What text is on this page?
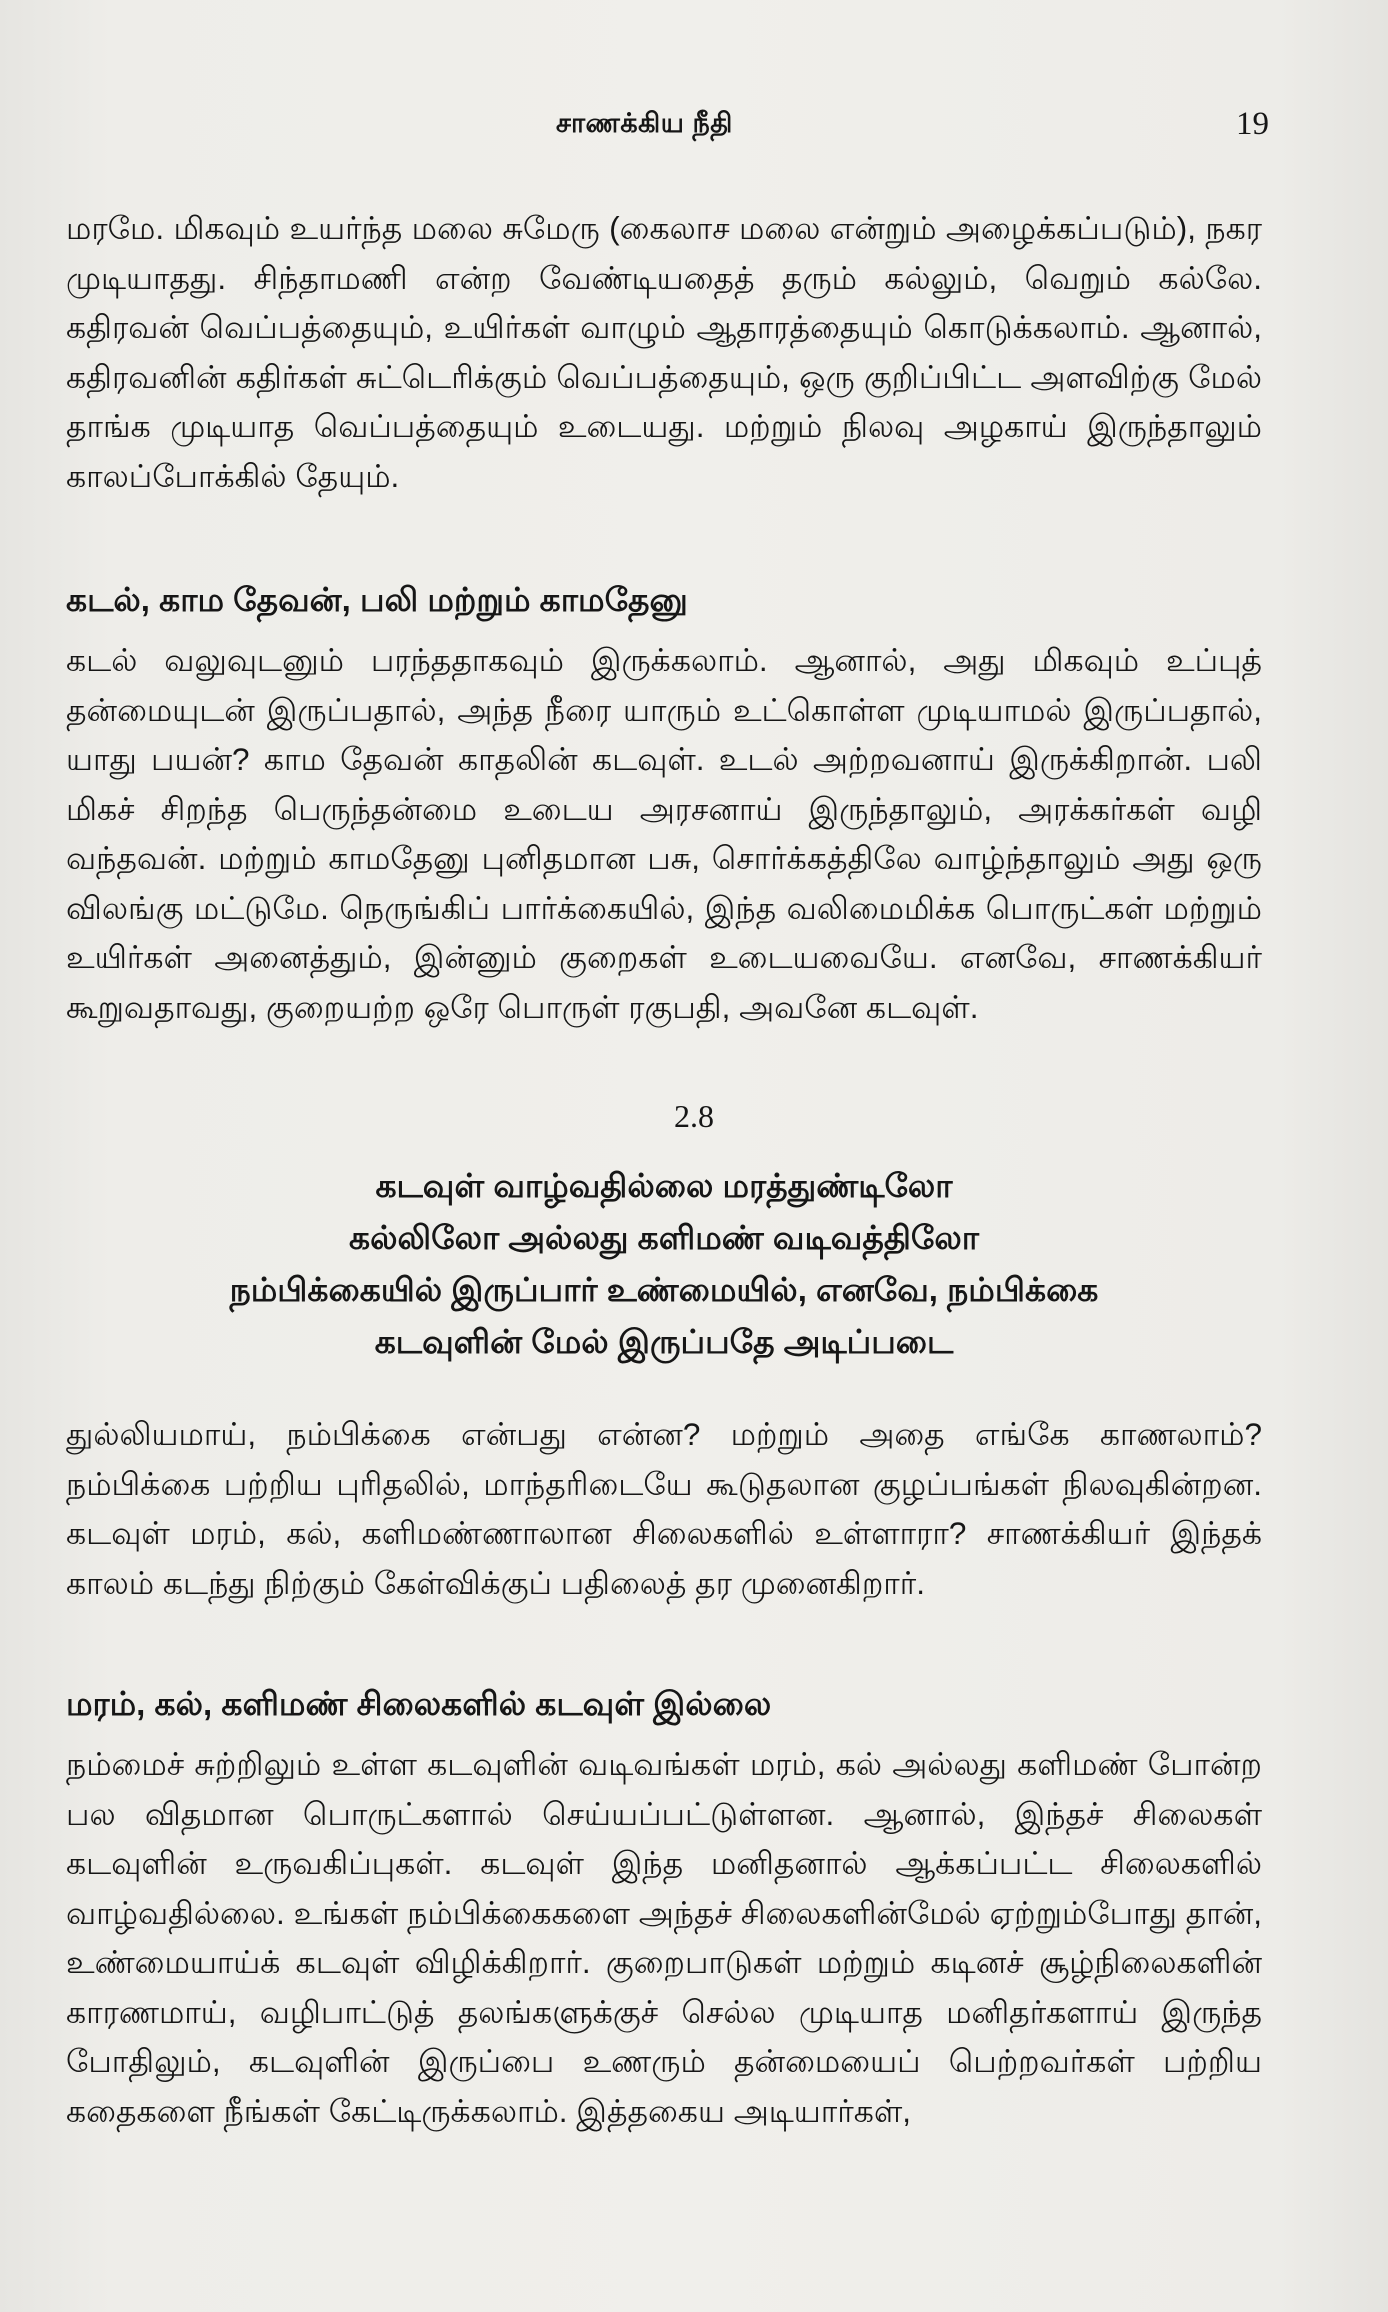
சாணக்கிய நீதி	19

மரமே. மிகவும் உயர்ந்த மலை சுமேரு (கைலாச மலை என்றும் அழைக்கப்படும்), நகர முடியாதது. சிந்தாமணி என்ற வேண்டியதைத் தரும் கல்லும், வெறும் கல்லே. கதிரவன் வெப்பத்தையும், உயிர்கள் வாழும் ஆதாரத்தையும் கொடுக்கலாம். ஆனால், கதிரவனின் கதிர்கள் சுட்டெரிக்கும் வெப்பத்தையும், ஒரு குறிப்பிட்ட அளவிற்கு மேல் தாங்க முடியாத வெப்பத்தையும் உடையது. மற்றும் நிலவு அழகாய் இருந்தாலும் காலப்போக்கில் தேயும்.

கடல், காம தேவன், பலி மற்றும் காமதேனு

கடல் வலுவுடனும் பரந்ததாகவும் இருக்கலாம். ஆனால், அது மிகவும் உப்புத் தன்மையுடன் இருப்பதால், அந்த நீரை யாரும் உட்கொள்ள முடியாமல் இருப்பதால், யாது பயன்? காம தேவன் காதலின் கடவுள். உடல் அற்றவனாய் இருக்கிறான். பலி மிகச் சிறந்த பெருந்தன்மை உடைய அரசனாய் இருந்தாலும், அரக்கர்கள் வழி வந்தவன். மற்றும் காமதேனு புனிதமான பசு, சொர்க்கத்திலே வாழ்ந்தாலும் அது ஒரு விலங்கு மட்டுமே. நெருங்கிப் பார்க்கையில், இந்த வலிமைமிக்க பொருட்கள் மற்றும் உயிர்கள் அனைத்தும், இன்னும் குறைகள் உடையவையே. எனவே, சாணக்கியர் கூறுவதாவது, குறையற்ற ஒரே பொருள் ரகுபதி, அவனே கடவுள்.

2.8
கடவுள் வாழ்வதில்லை மரத்துண்டிலோ
கல்லிலோ அல்லது களிமண் வடிவத்திலோ
நம்பிக்கையில் இருப்பார் உண்மையில், எனவே, நம்பிக்கை
கடவுளின் மேல் இருப்பதே அடிப்படை

துல்லியமாய், நம்பிக்கை என்பது என்ன? மற்றும் அதை எங்கே காணலாம்? நம்பிக்கை பற்றிய புரிதலில், மாந்தரிடையே கூடுதலான குழப்பங்கள் நிலவுகின்றன. கடவுள் மரம், கல், களிமண்ணாலான சிலைகளில் உள்ளாரா? சாணக்கியர் இந்தக் காலம் கடந்து நிற்கும் கேள்விக்குப் பதிலைத் தர முனைகிறார்.

மரம், கல், களிமண் சிலைகளில் கடவுள் இல்லை

நம்மைச் சுற்றிலும் உள்ள கடவுளின் வடிவங்கள் மரம், கல் அல்லது களிமண் போன்ற பல விதமான பொருட்களால் செய்யப்பட்டுள்ளன. ஆனால், இந்தச் சிலைகள் கடவுளின் உருவகிப்புகள். கடவுள் இந்த மனிதனால் ஆக்கப்பட்ட சிலைகளில் வாழ்வதில்லை. உங்கள் நம்பிக்கைகளை அந்தச் சிலைகளின்மேல் ஏற்றும்போது தான், உண்மையாய்க் கடவுள் விழிக்கிறார். குறைபாடுகள் மற்றும் கடினச் சூழ்நிலைகளின் காரணமாய், வழிபாட்டுத் தலங்களுக்குச் செல்ல முடியாத மனிதர்களாய் இருந்த போதிலும், கடவுளின் இருப்பை உணரும் தன்மையைப் பெற்றவர்கள் பற்றிய கதைகளை நீங்கள் கேட்டிருக்கலாம். இத்தகைய அடியார்கள்,
